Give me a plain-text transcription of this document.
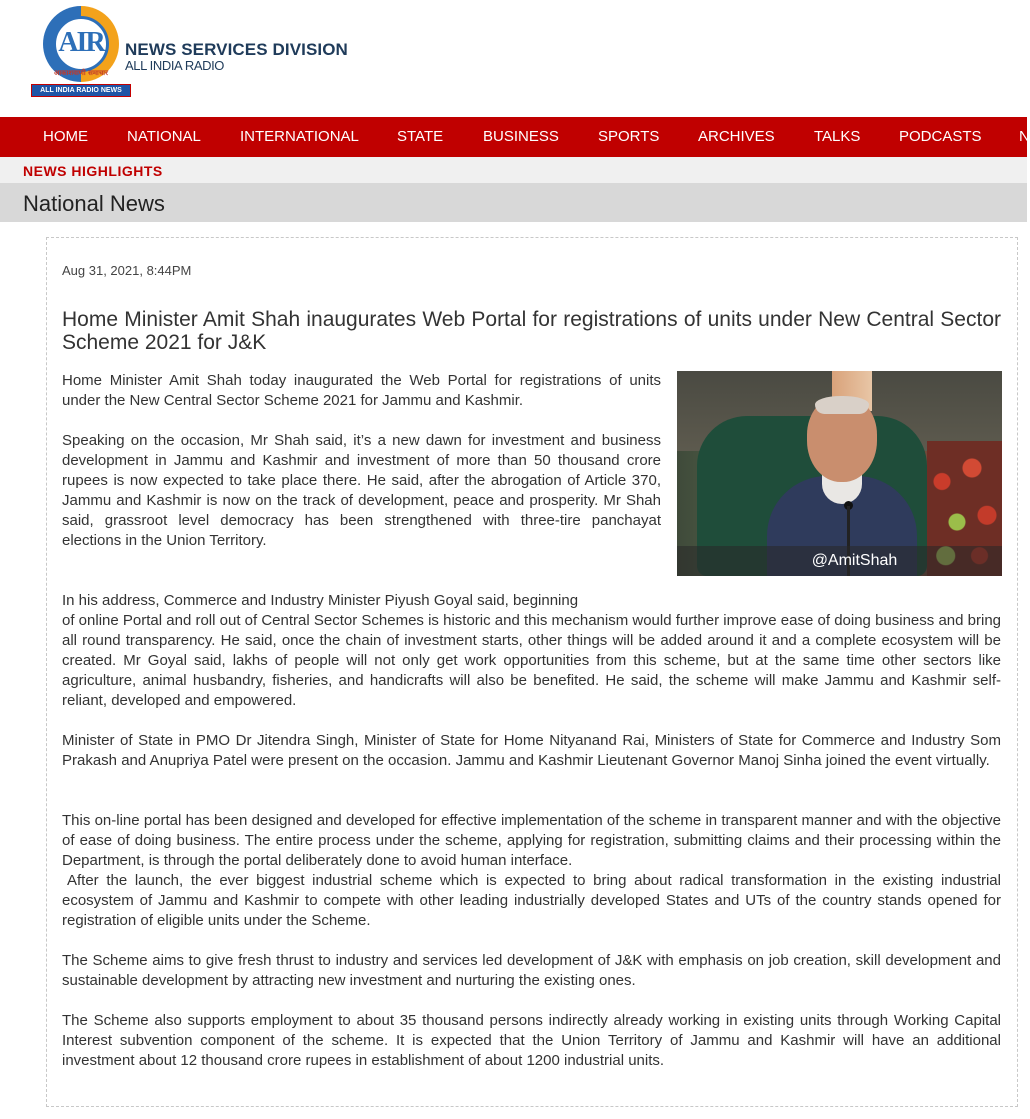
AIR
आकाशवाणी समाचार
ALL INDIA RADIO NEWS
NEWS SERVICES DIVISION
ALL INDIA RADIO
HOME	NATIONAL	INTERNATIONAL	STATE	BUSINESS	SPORTS	ARCHIVES	TALKS	PODCASTS N
NEWS HIGHLIGHTS
National News
Aug 31, 2021, 8:44PM
Home Minister Amit Shah inaugurates Web Portal for registrations of units under New Central Sector Scheme 2021 for J&K
@AmitShah
Home Minister Amit Shah today inaugurated the Web Portal for registrations of units under the New Central Sector Scheme 2021 for Jammu and Kashmir.
Speaking on the occasion, Mr Shah said, it’s a new dawn for investment and business development in Jammu and Kashmir and investment of more than 50 thousand crore rupees is now expected to take place there. He said, after the abrogation of Article 370, Jammu and Kashmir is now on the track of development, peace and prosperity. Mr Shah said, grassroot level democracy has been strengthened with three-tire panchayat elections in the Union Territory.
In his address, Commerce and Industry Minister Piyush Goyal said, beginning
of online Portal and roll out of Central Sector Schemes is historic and this mechanism would further improve ease of doing business and bring all round transparency. He said, once the chain of investment starts, other things will be added around it and a complete ecosystem will be created. Mr Goyal said, lakhs of people will not only get work opportunities from this scheme, but at the same time other sectors like agriculture, animal husbandry, fisheries, and handicrafts will also be benefited. He said, the scheme will make Jammu and Kashmir self-reliant, developed and empowered.
Minister of State in PMO Dr Jitendra Singh, Minister of State for Home Nityanand Rai, Ministers of State for Commerce and Industry Som Prakash and Anupriya Patel were present on the occasion. Jammu and Kashmir Lieutenant Governor Manoj Sinha joined the event virtually.
This on-line portal has been designed and developed for effective implementation of the scheme in transparent manner and with the objective of ease of doing business. The entire process under the scheme, applying for registration, submitting claims and their processing within the Department, is through the portal deliberately done to avoid human interface.
After the launch, the ever biggest industrial scheme which is expected to bring about radical transformation in the existing industrial ecosystem of Jammu and Kashmir to compete with other leading industrially developed States and UTs of the country stands opened for registration of eligible units under the Scheme.
The Scheme aims to give fresh thrust to industry and services led development of J&K with emphasis on job creation, skill development and sustainable development by attracting new investment and nurturing the existing ones.
The Scheme also supports employment to about 35 thousand persons indirectly already working in existing units through Working Capital Interest subvention component of the scheme. It is expected that the Union Territory of Jammu and Kashmir will have an additional investment about 12 thousand crore rupees in establishment of about 1200 industrial units.
